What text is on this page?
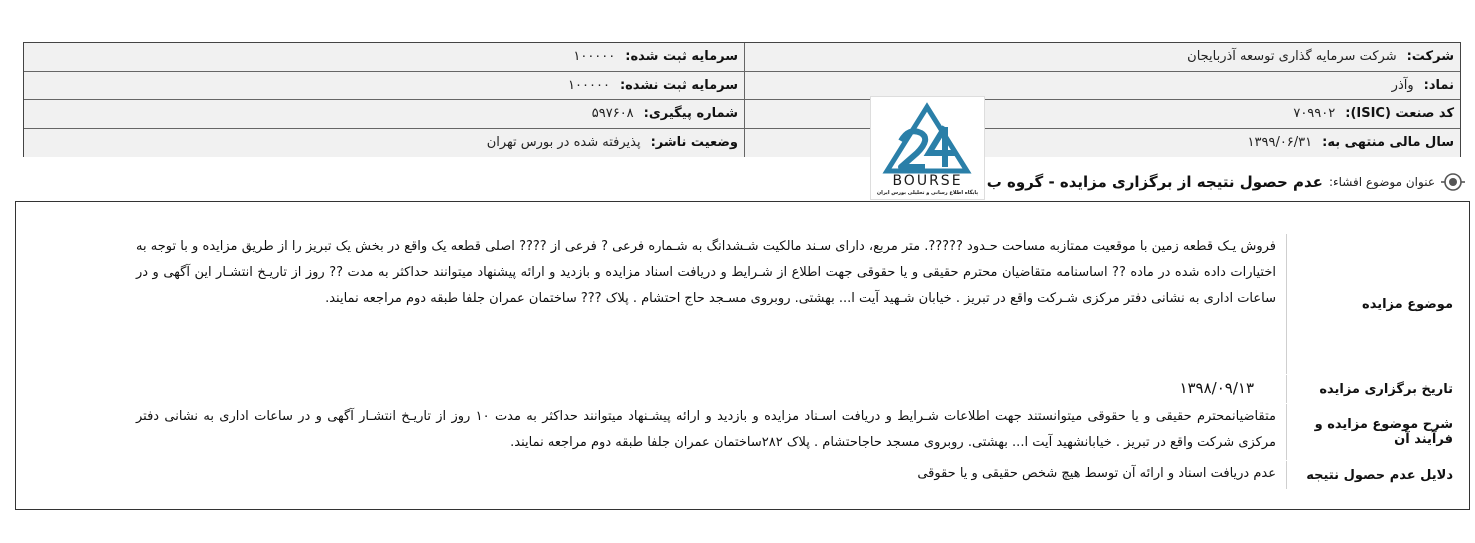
شرکت:
شرکت سرمایه گذاری توسعه آذربایجان
سرمایه ثبت شده:
۱۰۰۰۰۰
نماد:
وآذر
سرمایه ثبت نشده:
۱۰۰۰۰۰
کد صنعت (ISIC):
۷۰۹۹۰۲
شماره پیگیری:
۵۹۷۶۰۸
سال مالی منتهی به:
۱۳۹۹/۰۶/۳۱
وضعیت ناشر:
پذیرفته شده در بورس تهران
BOURSE
پایگاه اطلاع رسانی و تحلیلی بورس ایران
عنوان موضوع افشاء:
عدم حصول نتیجه از برگزاری مزایده - گروه ب
موضوع مزایده
فروش یـک قطعه زمین با موقعیت ممتازبه مساحت حـدود ?????. متر مربع، دارای سـند مالکیت شـشدانگ به شـماره فرعی ? فرعی از ???? اصلی قطعه یک واقع در بخش یک تبریز را از طریق مزایده و با توجه به اختیارات داده شده در ماده ?? اساسنامه متقاضیان محترم حقیقی و یا حقوقی جهت اطلاع از شـرایط و دریافت اسناد مزایده و بازدید و ارائه پیشنهاد میتوانند حداکثر به مدت ?? روز از تاریـخ انتشـار این آگهی و در ساعات اداری به نشانی دفتر مرکزی شـرکت واقع در تبریز . خیابان شـهید آیت ا... بهشتی. روبروی مسـجد حاج احتشام . پلاک ??? ساختمان عمران جلفا طبقه دوم مراجعه نمایند.
تاریخ برگزاری مزایده
۱۳۹۸/۰۹/۱۳
شرح موضوع مزایده و فرآیند آن
متقاضیانمحترم حقیقی و یا حقوقی میتوانستند جهت اطلاعات شـرایط و دریافت اسـناد مزایده و بازدید و ارائه پیشـنهاد میتوانند حداکثر به مدت ۱۰ روز از تاریـخ انتشـار آگهی و در ساعات اداری به نشانی دفتر مرکزی شرکت واقع در تبریز . خیابانشهید آیت ا... بهشتی. روبروی مسجد حاجاحتشام . پلاک ۲۸۲ساختمان عمران جلفا طبقه دوم مراجعه نمایند.
دلایل عدم حصول نتیجه
عدم دریافت اسناد و ارائه آن توسط هیچ شخص حقیقی و یا حقوقی
